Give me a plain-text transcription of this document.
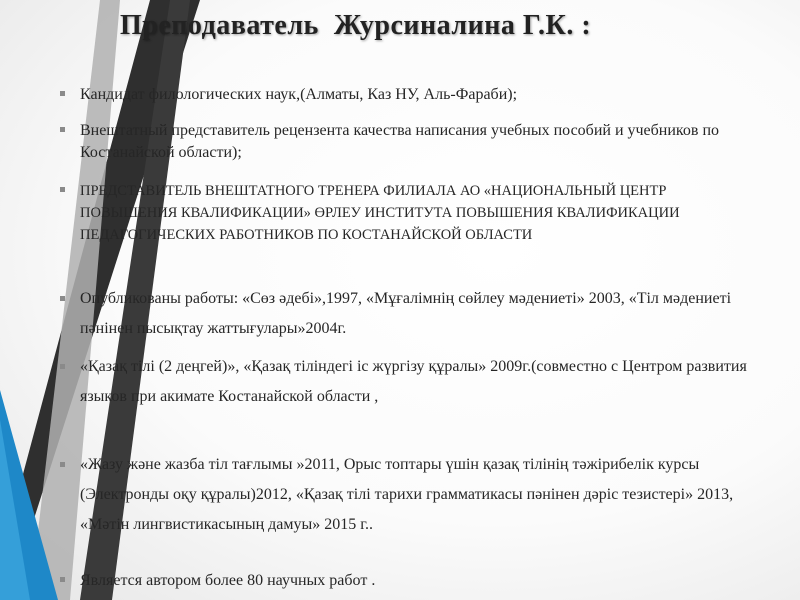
Преподаватель  Журсиналина Г.К. :
Кандидат филологических наук,(Алматы, Каз НУ, Аль-Фараби);
Внештатный представитель рецензента качества написания учебных пособий и учебников по Костанайской области);
ПРЕДСТАВИТЕЛЬ ВНЕШТАТНОГО ТРЕНЕРА ФИЛИАЛА АО «НАЦИОНАЛЬНЫЙ ЦЕНТР ПОВЫШЕНИЯ КВАЛИФИКАЦИИ» ӨРЛЕУ ИНСТИТУТА ПОВЫШЕНИЯ КВАЛИФИКАЦИИ ПЕДАГОГИЧЕСКИХ РАБОТНИКОВ ПО КОСТАНАЙСКОЙ ОБЛАСТИ
Опубликованы работы: «Сөз әдебі»,1997, «Мұғалімнің сөйлеу мәдениеті» 2003, «Тіл мәдениеті пәнінен пысықтау жаттығулары»2004г.
«Қазақ тілі (2 деңгей)», «Қазақ тіліндегі іс жүргізу құралы» 2009г.(совместно с Центром развития языков при акимате Костанайской области ,
«Жазу және жазба тіл тағлымы »2011, Орыс топтары үшін қазақ тілінің тәжірибелік курсы (Электронды оқу құралы)2012, «Қазақ тілі тарихи грамматикасы пәнінен дәріс тезистері» 2013, «Мәтін лингвистикасының дамуы» 2015 г..
Является автором более 80 научных работ .
